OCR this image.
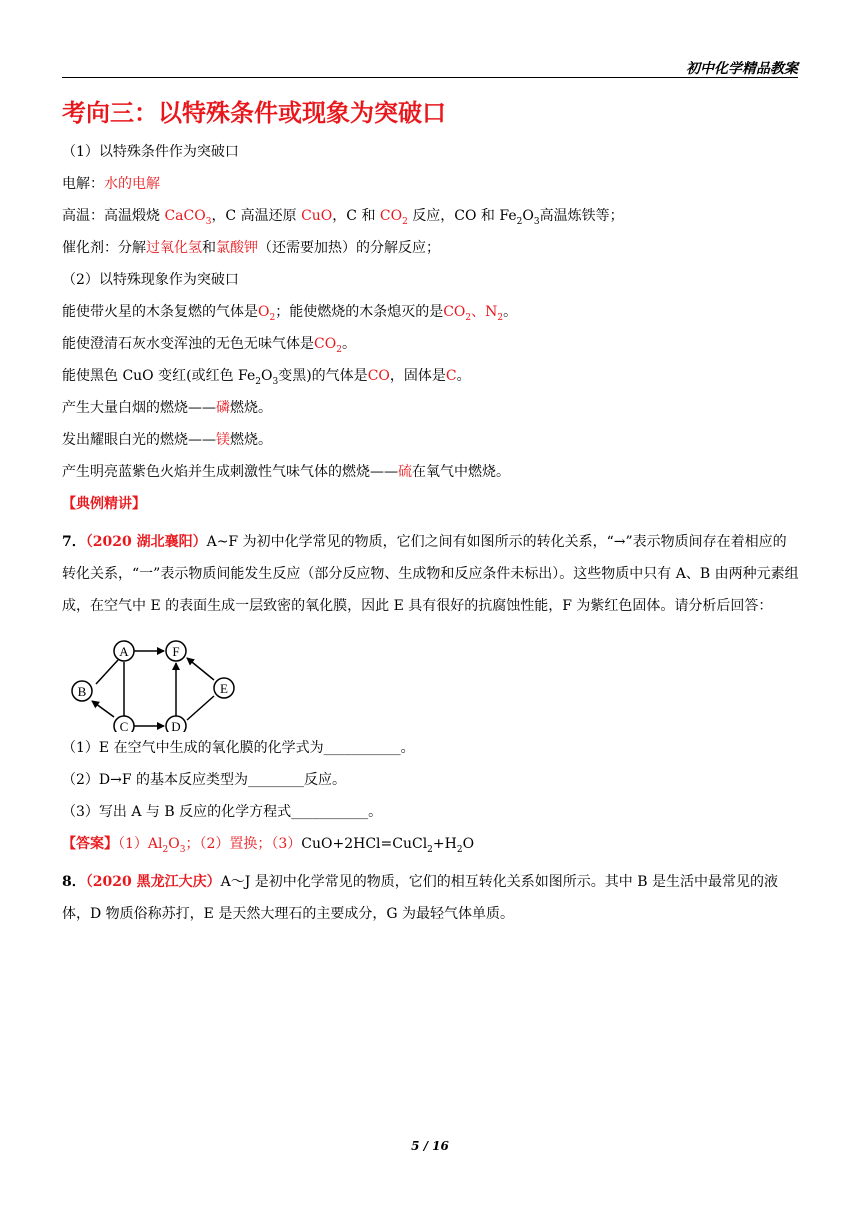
初中化学精品教案
考向三：以特殊条件或现象为突破口

（1）以特殊条件作为突破口

电解：水的电解

高温：高温煅烧 CaCO$_3$，C 高温还原 CuO，C 和 $CO_2$ 反应，CO 和 $Fe_2O_3$高温炼铁等；

催化剂：分解过氧化氢和氯酸钾（还需要加热）的分解反应；

（2）以特殊现象作为突破口

能使带火星的木条复燃的气体是$O_2$；能使燃烧的木条熄灭的是$CO_2$、$N_2$。

能使澄清石灰水变浑浊的无色无味气体是$CO_2$。

能使黑色 CuO 变红(或红色 $Fe_2O_3$变黑)的气体是CO，固体是C。

产生大量白烟的燃烧——磷燃烧。

发出耀眼白光的燃烧——镁燃烧。

产生明亮蓝紫色火焰并生成刺激性气味气体的燃烧——硫在氧气中燃烧。

【典例精讲】

7．（2020 湖北襄阳）A~F 为初中化学常见的物质，它们之间有如图所示的转化关系，“→”表示物质间存在着相应的转化关系，“一”表示物质间能发生反应（部分反应物、生成物和反应条件未标出）。这些物质中只有 A、B 由两种元素组成，在空气中 E 的表面生成一层致密的氧化膜，因此 E 具有很好的抗腐蚀性能，F 为紫红色固体。请分析后回答：

A	F
B	E
C	D

（1）E 在空气中生成的氧化膜的化学式为___________。

（2）D→F 的基本反应类型为________反应。

（3）写出 A 与 B 反应的化学方程式___________。

【答案】$(1)Al_2O_3$；（2）置换；$(3)CuO+2HCl=CuCl_2+H_2O$

8．（2020 黑龙江大庆）A～J 是初中化学常见的物质，它们的相互转化关系如图所示。其中 B 是生活中最常见的液体，D 物质俗称苏打，E 是天然大理石的主要成分，G 为最轻气体单质。

5 / 16
